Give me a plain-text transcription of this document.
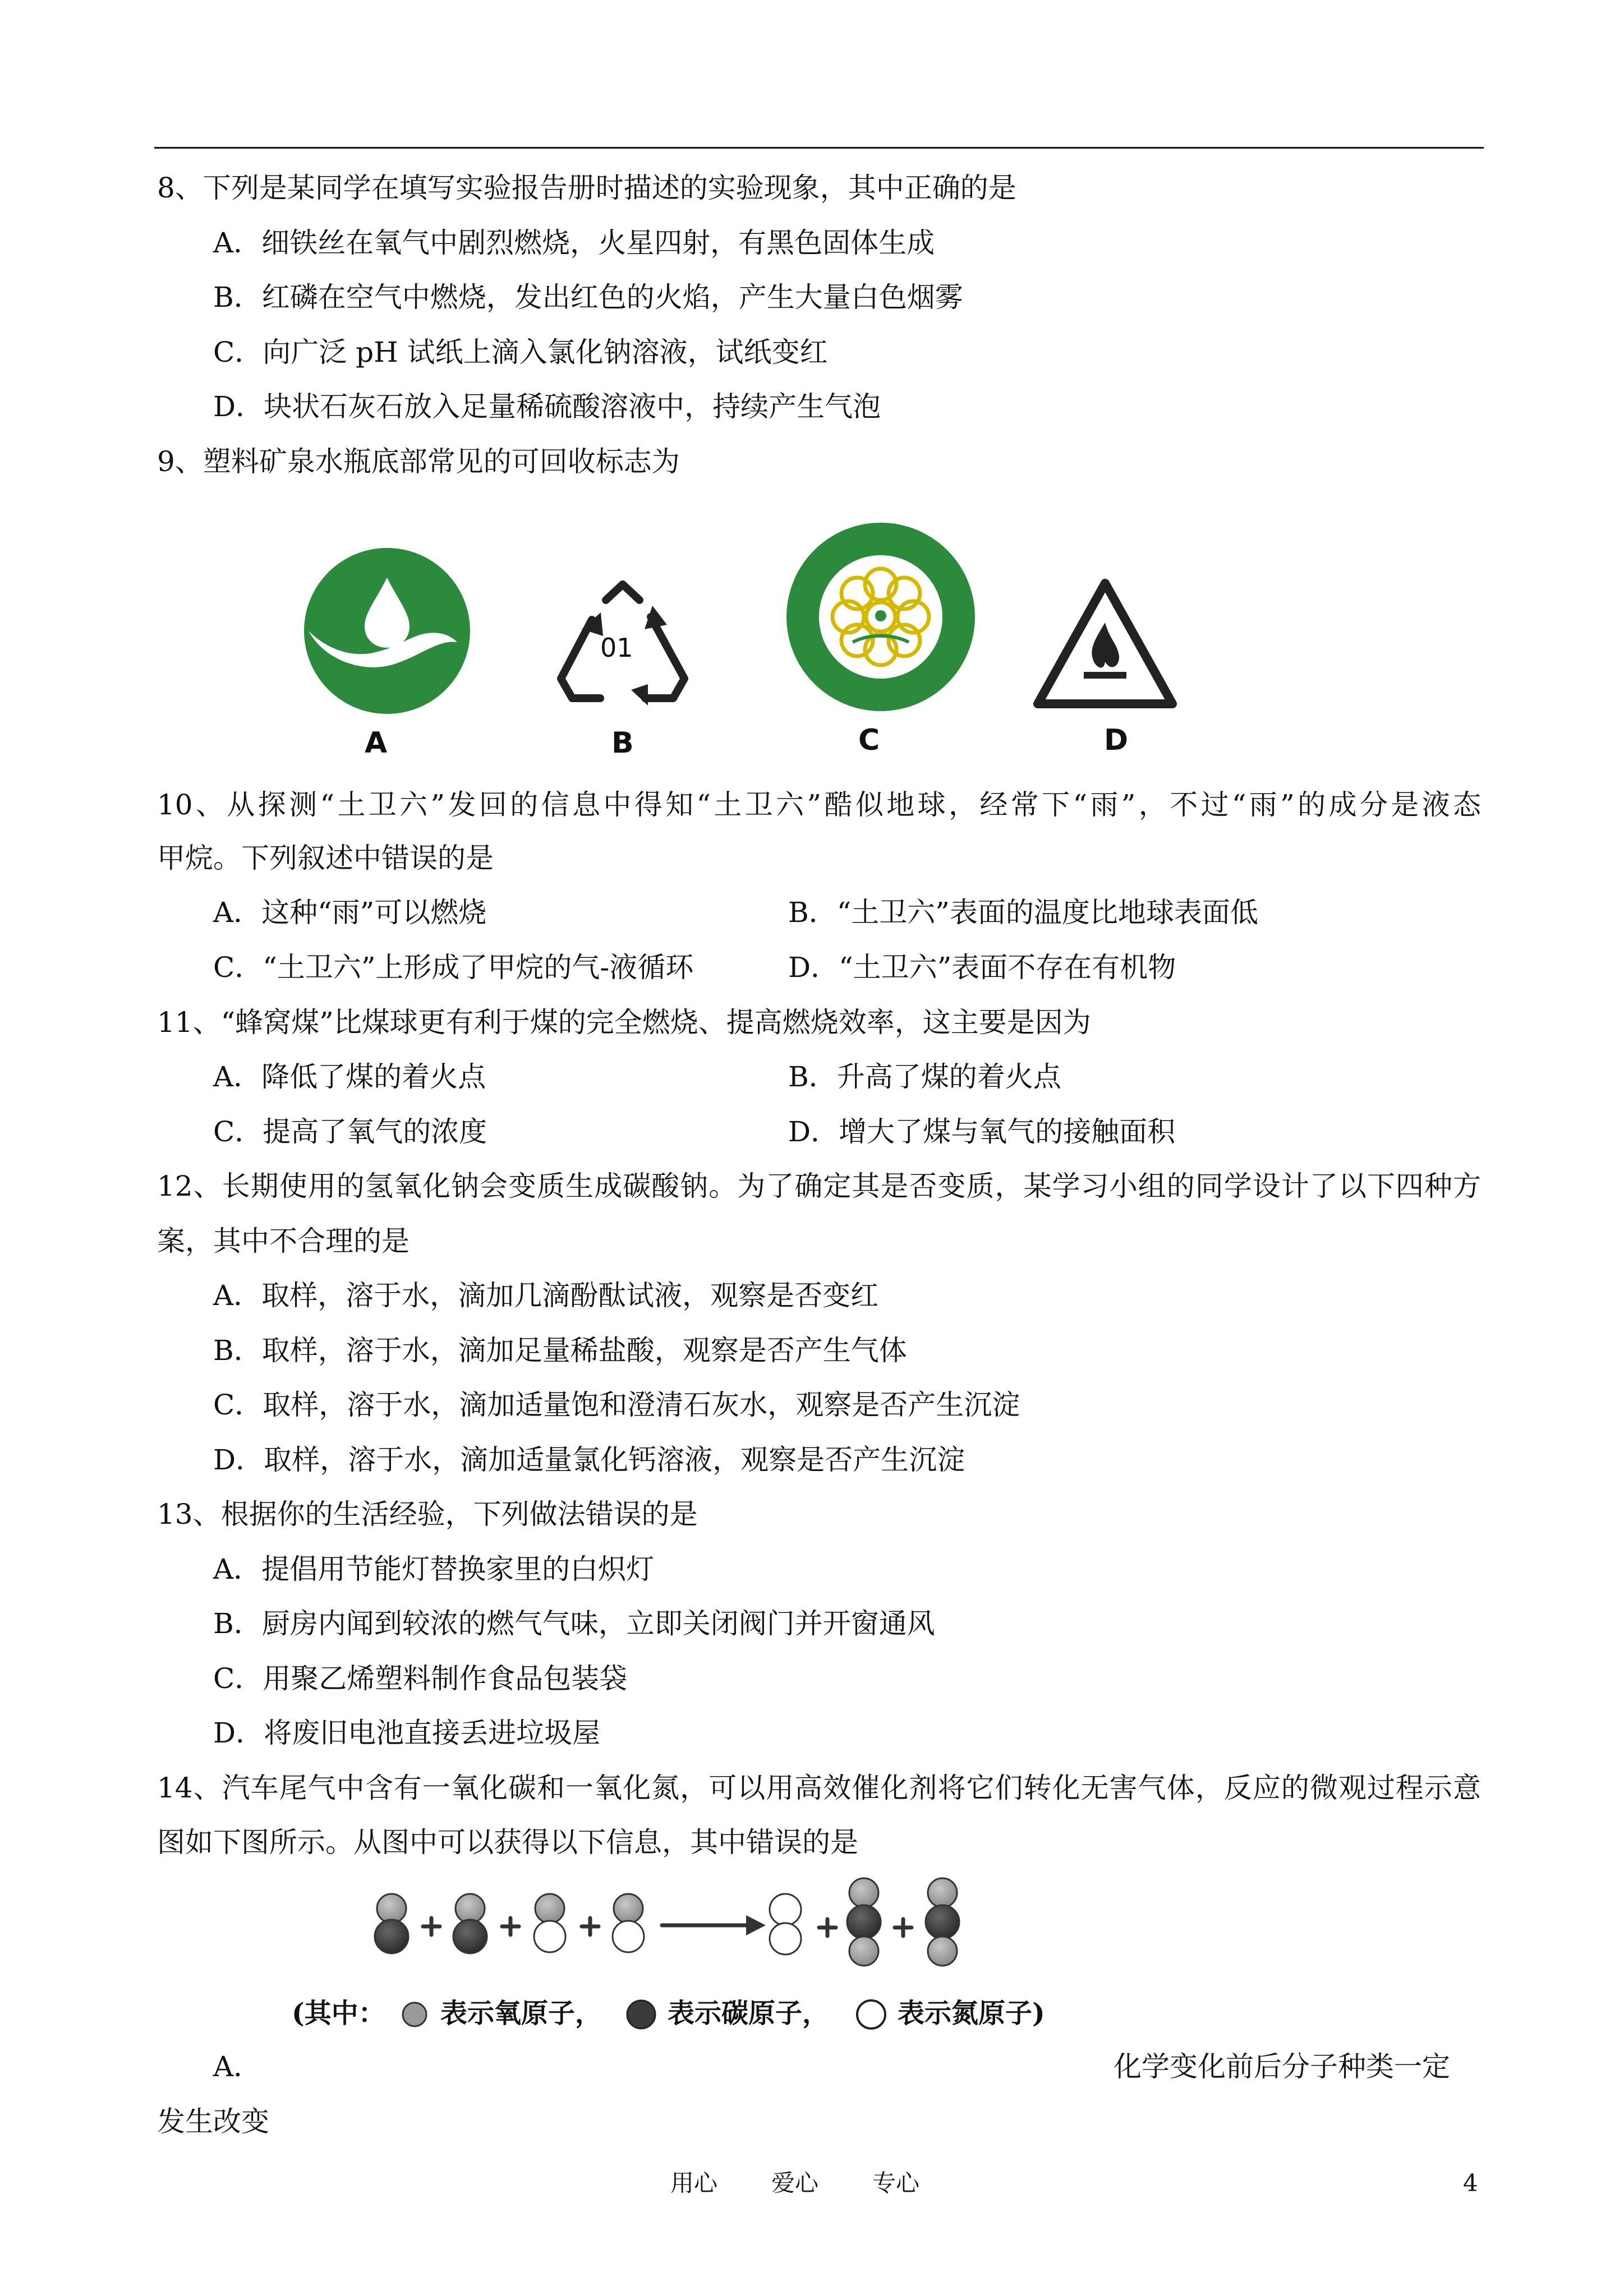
8、下列是某同学在填写实验报告册时描述的实验现象，其中正确的是
A．细铁丝在氧气中剧烈燃烧，火星四射，有黑色固体生成
B．红磷在空气中燃烧，发出红色的火焰，产生大量白色烟雾
C．向广泛 pH 试纸上滴入氯化钠溶液，试纸变红
D．块状石灰石放入足量稀硫酸溶液中，持续产生气泡
9、塑料矿泉水瓶底部常见的可回收标志为
A
01
B	C	D
10、从探测“土卫六”发回的信息中得知“土卫六”酷似地球，经常下“雨”，不过“雨”的成分是液态
甲烷。下列叙述中错误的是
A．这种“雨”可以燃烧	B．“土卫六”表面的温度比地球表面低
C．“土卫六”上形成了甲烷的气-液循环	D．“土卫六”表面不存在有机物
11、“蜂窝煤”比煤球更有利于煤的完全燃烧、提高燃烧效率，这主要是因为
A．降低了煤的着火点	B．升高了煤的着火点
C．提高了氧气的浓度	D．增大了煤与氧气的接触面积
12、长期使用的氢氧化钠会变质生成碳酸钠。为了确定其是否变质，某学习小组的同学设计了以下四种方
案，其中不合理的是
A．取样，溶于水，滴加几滴酚酞试液，观察是否变红
B．取样，溶于水，滴加足量稀盐酸，观察是否产生气体
C．取样，溶于水，滴加适量饱和澄清石灰水，观察是否产生沉淀
D．取样，溶于水，滴加适量氯化钙溶液，观察是否产生沉淀
13、根据你的生活经验，下列做法错误的是
A．提倡用节能灯替换家里的白炽灯
B．厨房内闻到较浓的燃气气味，立即关闭阀门并开窗通风
C．用聚乙烯塑料制作食品包装袋
D．将废旧电池直接丢进垃圾屋
14、汽车尾气中含有一氧化碳和一氧化氮，可以用高效催化剂将它们转化无害气体，反应的微观过程示意
图如下图所示。从图中可以获得以下信息，其中错误的是
(其中： 表示氧原子， 表示碳原子，	表示氮原子)
A．	化学变化前后分子种类一定
发生改变
用心 爱心 专心	4
